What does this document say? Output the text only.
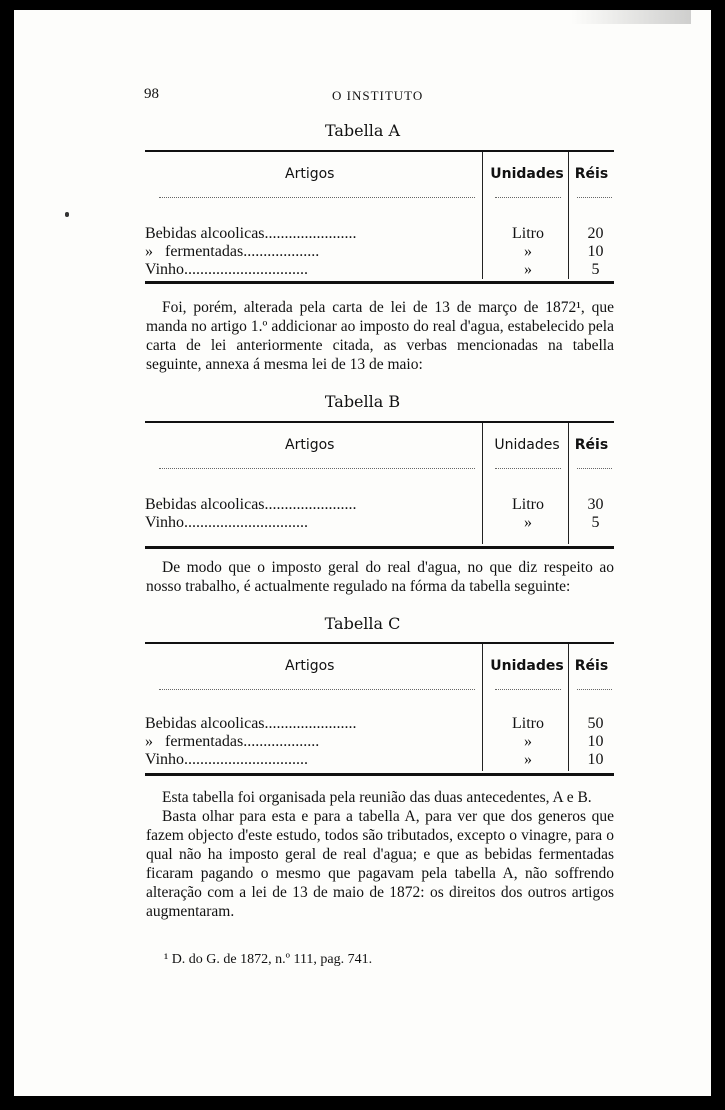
98	O INSTITUTO
Tabella A
Artigos	Unidades Réis
Bebidas alcoolicas.......................	Litro	20
»   fermentadas...................	»	10
Vinho...............................	»	5

Foi, porém, alterada pela carta de lei de 13 de março de 1872¹, que manda no artigo 1.º addicionar ao imposto do real d'agua, estabelecido pela carta de lei anteriormente citada, as verbas mencionadas na tabella seguinte, annexa á mesma lei de 13 de maio:

Tabella B
Artigos	Unidades	Réis
Bebidas alcoolicas.......................	Litro	30
Vinho...............................	»	5

De modo que o imposto geral do real d'agua, no que diz respeito ao nosso trabalho, é actualmente regulado na fórma da tabella seguinte:

Tabella C
Artigos	Unidades Réis
Bebidas alcoolicas.......................	Litro	50
»   fermentadas...................	»	10
Vinho...............................	»	10

Esta tabella foi organisada pela reunião das duas antecedentes, A e B.

Basta olhar para esta e para a tabella A, para ver que dos generos que fazem objecto d'este estudo, todos são tributados, excepto o vinagre, para o qual não ha imposto geral de real d'agua; e que as bebidas fermentadas ficaram pagando o mesmo que pagavam pela tabella A, não soffrendo alteração com a lei de 13 de maio de 1872: os direitos dos outros artigos augmentaram.

¹ D. do G. de 1872, n.º 111, pag. 741.
